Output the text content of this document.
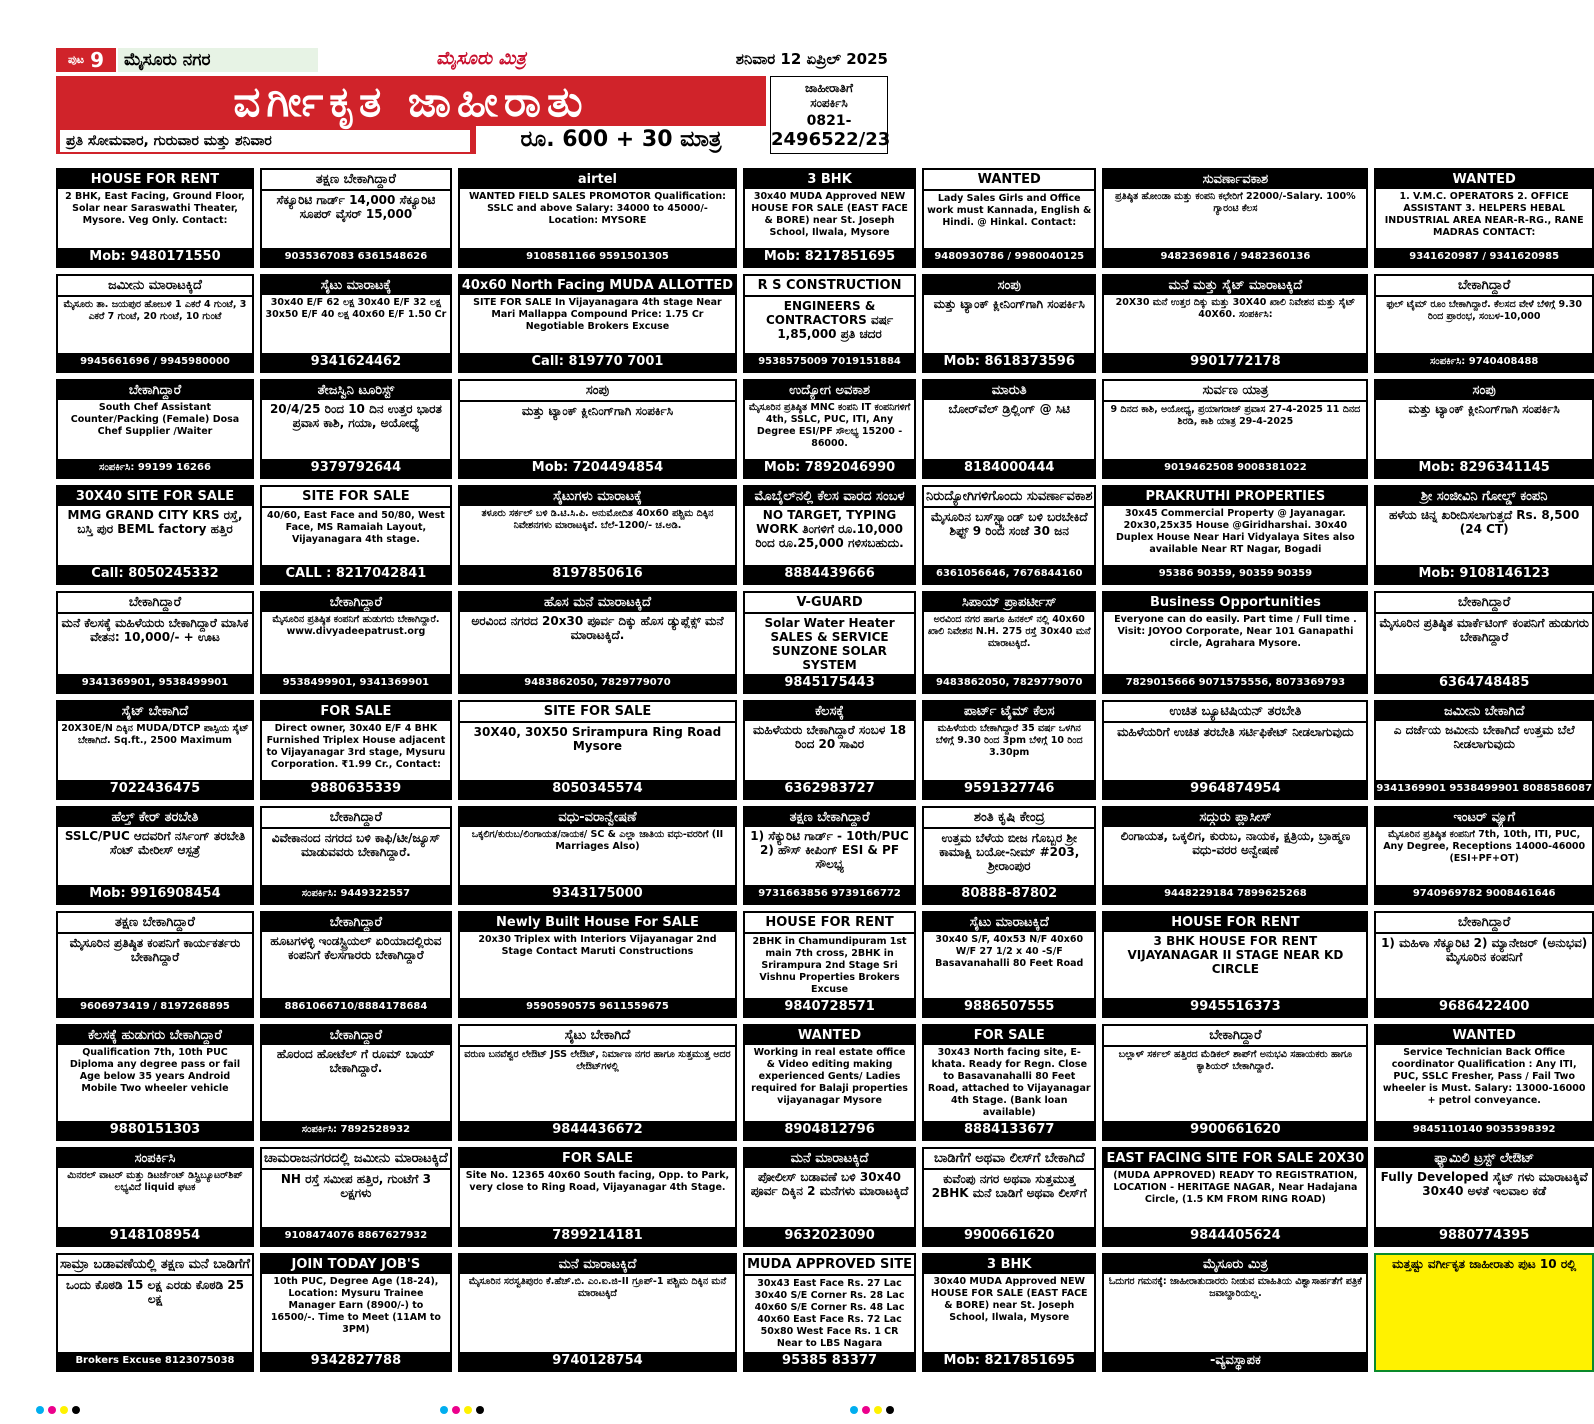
ಪುಟ 9	ಮೈಸೂರು ನಗರ	ಮೈಸೂರು ಮಿತ್ರ	ಶನಿವಾರ 12 ಏಪ್ರಿಲ್ 2025
ವರ್ಗೀಕೃತ ಜಾಹೀರಾತು
ಪ್ರತಿ ಸೋಮವಾರ, ಗುರುವಾರ ಮತ್ತು ಶನಿವಾರ	ರೂ. 600 + 30 ಮಾತ್ರ
ಜಾಹೀರಾತಿಗೆ
ಸಂಪರ್ಕಿಸಿ
0821-
2496522/23
HOUSE FOR RENT
2 BHK, East Facing, Ground Floor, Solar near Saraswathi Theater, Mysore. Veg Only. Contact:
Mob: 9480171550
ತಕ್ಷಣ ಬೇಕಾಗಿದ್ದಾರೆ
ಸೆಕ್ಯೂರಿಟಿ ಗಾರ್ಡ್ 14,000 ಸೆಕ್ಯೂರಿಟಿ ಸೂಪರ್ ವೈಸರ್ 15,000
9035367083 6361548626
airtel
WANTED FIELD SALES PROMOTOR Qualification: SSLC and above Salary: 34000 to 45000/- Location: MYSORE
9108581166 9591501305
3 BHK
30x40 MUDA Approved NEW HOUSE FOR SALE (EAST FACE & BORE) near St. Joseph School, Ilwala, Mysore
Mob: 8217851695
WANTED
Lady Sales Girls and Office work must Kannada, English & Hindi. @ Hinkal. Contact:
9480930786 / 9980040125
ಸುವರ್ಣಾವಕಾಶ
ಪ್ರತಿಷ್ಠಿತ ಹೋಂಡಾ ಮತ್ತು ಕಂಪನಿ ಕಛೇರಿಗೆ 22000/-Salary. 100% ಗ್ಯಾರಂಟಿ ಕೆಲಸ
9482369816 / 9482360136
WANTED
1. V.M.C. OPERATORS 2. OFFICE ASSISTANT 3. HELPERS HEBAL INDUSTRIAL AREA NEAR-R-RG., RANE MADRAS CONTACT:
9341620987 / 9341620985
ಜಮೀನು ಮಾರಾಟಕ್ಕಿದೆ
ಮೈಸೂರು ತಾ. ಜಯಪುರ ಹೋಬಳಿ 1 ಎಕರೆ 4 ಗುಂಟೆ, 3 ಎಕರೆ 7 ಗುಂಟೆ, 20 ಗುಂಟೆ, 10 ಗುಂಟೆ
9945661696 / 9945980000
ಸೈಟು ಮಾರಾಟಕ್ಕೆ
30x40 E/F 62 ಲಕ್ಷ 30x40 E/F 32 ಲಕ್ಷ 30x50 E/F 40 ಲಕ್ಷ 40x60 E/F 1.50 Cr
9341624462
40x60 North Facing MUDA ALLOTTED
SITE FOR SALE In Vijayanagara 4th stage Near Mari Mallappa Compound Price: 1.75 Cr Negotiable Brokers Excuse
Call: 819770 7001
R S CONSTRUCTION
ENGINEERS & CONTRACTORS ವರ್ಷ 1,85,000 ಪ್ರತಿ ಚದರ
9538575009 7019151884
ಸಂಪು
ಮತ್ತು ಟ್ಯಾಂಕ್ ಕ್ಲೀನಿಂಗ್‌ಗಾಗಿ ಸಂಪರ್ಕಿಸಿ
Mob: 8618373596
ಮನೆ ಮತ್ತು ಸೈಟ್ ಮಾರಾಟಕ್ಕಿದೆ
20X30 ಮನೆ ಉತ್ತರ ದಿಕ್ಕು ಮತ್ತು 30X40 ಖಾಲಿ ನಿವೇಶನ ಮತ್ತು ಸೈಟ್ 40X60. ಸಂಪರ್ಕಿಸಿ:
9901772178
ಬೇಕಾಗಿದ್ದಾರೆ
ಫುಲ್ ಟೈಮ್ ರೂಂ ಬೇಕಾಗಿದ್ದಾರೆ. ಕೆಲಸದ ವೇಳೆ ಬೆಳಿಗ್ಗೆ 9.30 ರಿಂದ ಪ್ರಾರಂಭ, ಸಂಬಳ-10,000
ಸಂಪರ್ಕಿಸಿ: 9740408488
ಬೇಕಾಗಿದ್ದಾರೆ
South Chef Assistant Counter/Packing (Female) Dosa Chef Supplier /Waiter
ಸಂಪರ್ಕಿಸಿ: 99199 16266
ತೇಜಸ್ವಿನಿ ಟೂರಿಸ್ಟ್
20/4/25 ರಿಂದ 10 ದಿನ ಉತ್ತರ ಭಾರತ ಪ್ರವಾಸ ಕಾಶಿ, ಗಯಾ, ಅಯೋಧ್ಯೆ
9379792644
ಸಂಪು
ಮತ್ತು ಟ್ಯಾಂಕ್ ಕ್ಲೀನಿಂಗ್‌ಗಾಗಿ ಸಂಪರ್ಕಿಸಿ
Mob: 7204494854
ಉದ್ಯೋಗ ಅವಕಾಶ
ಮೈಸೂರಿನ ಪ್ರತಿಷ್ಠಿತ MNC ಕಂಪನಿ IT ಕಂಪನಿಗಳಿಗೆ 4th, SSLC, PUC, ITI, Any Degree ESI/PF ಸೌಲಭ್ಯ 15200 - 86000.
Mob: 7892046990
ಮಾರುತಿ
ಬೋರ್‌ವೆಲ್ ಡ್ರಿಲ್ಲಿಂಗ್ @ ಸಿಟಿ
8184000444
ಸುರ್ವಣ ಯಾತ್ರ
9 ದಿನದ ಕಾಶಿ, ಅಯೋಧ್ಯ, ಪ್ರಯಾಗರಾಜ್ ಪ್ರವಾಸ 27-4-2025 11 ದಿನದ ಶಿರಡಿ, ಕಾಶಿ ಯಾತ್ರ 29-4-2025
9019462508 9008381022
ಸಂಪು
ಮತ್ತು ಟ್ಯಾಂಕ್ ಕ್ಲೀನಿಂಗ್‌ಗಾಗಿ ಸಂಪರ್ಕಿಸಿ
Mob: 8296341145
30X40 SITE FOR SALE
MMG GRAND CITY KRS ರಸ್ತೆ, ಬಸ್ತಿ ಪುರ BEML factory ಹತ್ತಿರ
Call: 8050245332
SITE FOR SALE
40/60, East Face and 50/80, West Face, MS Ramaiah Layout, Vijayanagara 4th stage.
CALL : 8217042841
ಸೈಟುಗಳು ಮಾರಾಟಕ್ಕೆ
ತಳೂರು ಸರ್ಕಲ್ ಬಳಿ ಡಿ.ಟಿ.ಸಿ.ಪಿ. ಅನುಮೋದಿತ 40x60 ಪಶ್ಚಿಮ ದಿಕ್ಕಿನ ನಿವೇಶನಗಳು ಮಾರಾಟಕ್ಕಿವೆ. ಬೆಲೆ-1200/- ಚ.ಅಡಿ.
8197850616
ಮೊಬೈಲ್‌ನಲ್ಲಿ ಕೆಲಸ ವಾರದ ಸಂಬಳ
NO TARGET, TYPING WORK ತಿಂಗಳಿಗೆ ರೂ.10,000 ರಿಂದ ರೂ.25,000 ಗಳಿಸಬಹುದು.
8884439666
ನಿರುದ್ಯೋಗಿಗಳಿಗೊಂದು ಸುವರ್ಣಾವಕಾಶ
ಮೈಸೂರಿನ ಬಸ್‌ಸ್ಟ್ಯಾಂಡ್ ಬಳಿ ಬರಬೇಕಿದೆ ಶಿಫ್ಟ್ 9 ರಿಂದ ಸಂಜೆ 30 ಜನ
6361056646, 7676844160
PRAKRUTHI PROPERTIES
30x45 Commercial Property @ Jayanagar. 20x30,25x35 House @Giridharshai. 30x40 Duplex House Near Hari Vidyalaya Sites also available Near RT Nagar, Bogadi
95386 90359, 90359 90359
ಶ್ರೀ ಸಂಜೀವಿನಿ ಗೋಲ್ಡ್ ಕಂಪನಿ
ಹಳೆಯ ಚಿನ್ನ ಖರೀದಿಸಲಾಗುತ್ತದೆ Rs. 8,500 (24 CT)
Mob: 9108146123
ಬೇಕಾಗಿದ್ದಾರೆ
ಮನೆ ಕೆಲಸಕ್ಕೆ ಮಹಿಳೆಯರು ಬೇಕಾಗಿದ್ದಾರೆ ಮಾಸಿಕ ವೇತನ: 10,000/- + ಊಟ
9341369901, 9538499901
ಬೇಕಾಗಿದ್ದಾರೆ
ಮೈಸೂರಿನ ಪ್ರತಿಷ್ಠಿತ ಕಂಪನಿಗೆ ಹುಡುಗರು ಬೇಕಾಗಿದ್ದಾರೆ. www.divyadeepatrust.org
9538499901, 9341369901
ಹೊಸ ಮನೆ ಮಾರಾಟಕ್ಕಿದೆ
ಅರವಿಂದ ನಗರದ 20x30 ಪೂರ್ವ ದಿಕ್ಕು ಹೊಸ ಡ್ಯುಪ್ಲೆಕ್ಸ್ ಮನೆ ಮಾರಾಟಕ್ಕಿದೆ.
9483862050, 7829779070
V-GUARD
Solar Water Heater SALES & SERVICE SUNZONE SOLAR SYSTEM
9845175443
ಸಿಪಾಯ್ ಪ್ರಾಪರ್ಟೀಸ್
ಅರವಿಂದ ನಗರ ಹಾಗೂ ಹಿನಕಲ್ ನಲ್ಲಿ 40x60 ಖಾಲಿ ನಿವೇಶನ N.H. 275 ರಸ್ತೆ 30x40 ಮನೆ ಮಾರಾಟಕ್ಕಿದೆ.
9483862050, 7829779070
Business Opportunities
Everyone can do easily. Part time / Full time . Visit: JOYOO Corporate, Near 101 Ganapathi circle, Agrahara Mysore.
7829015666 9071575556, 8073369793
ಬೇಕಾಗಿದ್ದಾರೆ
ಮೈಸೂರಿನ ಪ್ರತಿಷ್ಠಿತ ಮಾರ್ಕೆಟಿಂಗ್ ಕಂಪನಿಗೆ ಹುಡುಗರು ಬೇಕಾಗಿದ್ದಾರೆ
6364748485
ಸೈಟ್ ಬೇಕಾಗಿದೆ
20X30E/N ದಿಕ್ಕಿನ MUDA/DTCP ಪಾಸ್ಪಿಯ ಸೈಟ್ ಬೇಕಾಗಿದೆ. Sq.ft., 2500 Maximum
7022436475
FOR SALE
Direct owner, 30x40 E/F 4 BHK Furnished Triplex House adjacent to Vijayanagar 3rd stage, Mysuru Corporation. ₹1.99 Cr., Contact:
9880635339
SITE FOR SALE
30X40, 30X50 Srirampura Ring Road Mysore
8050345574
ಕೆಲಸಕ್ಕೆ
ಮಹಿಳೆಯರು ಬೇಕಾಗಿದ್ದಾರೆ ಸಂಬಳ 18 ರಿಂದ 20 ಸಾವಿರ
6362983727
ಪಾರ್ಟ್ ಟೈಮ್ ಕೆಲಸ
ಮಹಿಳೆಯರು ಬೇಕಾಗಿದ್ದಾರೆ 35 ವರ್ಷ ಒಳಗಿನ ಬೆಳಿಗ್ಗೆ 9.30 ರಿಂದ 3pm ಬೆಳಿಗ್ಗೆ 10 ರಿಂದ 3.30pm
9591327746
ಉಚಿತ ಬ್ಯೂಟಿಷಿಯನ್ ತರಬೇತಿ
ಮಹಿಳೆಯರಿಗೆ ಉಚಿತ ತರಬೇತಿ ಸರ್ಟಿಫಿಕೇಟ್ ನೀಡಲಾಗುವುದು
9964874954
ಜಮೀನು ಬೇಕಾಗಿದೆ
ಎ ದರ್ಜೆಯ ಜಮೀನು ಬೇಕಾಗಿದೆ ಉತ್ತಮ ಬೆಲೆ ನೀಡಲಾಗುವುದು
9341369901 9538499901 8088586087
ಹೆಲ್ತ್ ಕೇರ್ ತರಬೇತಿ
SSLC/PUC ಆದವರಿಗೆ ನರ್ಸಿಂಗ್ ತರಬೇತಿ ಸೆಂಟ್ ಮೇರೀಸ್ ಆಸ್ಪತ್ರೆ
Mob: 9916908454
ಬೇಕಾಗಿದ್ದಾರೆ
ವಿವೇಕಾನಂದ ನಗರದ ಬಳಿ ಕಾಫಿ/ಟೀ/ಜ್ಯೂಸ್ ಮಾಡುವವರು ಬೇಕಾಗಿದ್ದಾರೆ.
ಸಂಪರ್ಕಿಸಿ: 9449322557
ವಧು-ವರಾನ್ವೇಷಣೆ
ಒಕ್ಕಲಿಗ/ಕುರುಬ/ಲಿಂಗಾಯತ/ನಾಯಕ/ SC & ಎಲ್ಲಾ ಜಾತಿಯ ವಧು-ವರರಿಗೆ (II Marriages Also)
9343175000
ತಕ್ಷಣ ಬೇಕಾಗಿದ್ದಾರೆ
1) ಸೆಕ್ಯುರಿಟಿ ಗಾರ್ಡ್ - 10th/PUC 2) ಹೌಸ್ ಕೀಪಿಂಗ್ ESI & PF ಸೌಲಭ್ಯ
9731663856 9739166772
ಶಂತಿ ಕೃಷಿ ಕೇಂದ್ರ
ಉತ್ತಮ ಬೆಳೆಯ ಬೀಜ ಗೊಬ್ಬರ ಶ್ರೀ ಕಾಮಾಕ್ಷಿ ಬಯೋ-ನೀಮ್ #203, ಶ್ರೀರಾಂಪುರ
80888-87802
ಸದ್ಗುರು ಪ್ಲಾಸೀಸ್
ಲಿಂಗಾಯತ, ಒಕ್ಕಲಿಗ, ಕುರುಬ, ನಾಯಕ, ಕ್ಷತ್ರಿಯ, ಬ್ರಾಹ್ಮಣ ವಧು-ವರರ ಅನ್ವೇಷಣೆ
9448229184 7899625268
ಇಂಟರ್ ವ್ಯೂಗೆ
ಮೈಸೂರಿನ ಪ್ರತಿಷ್ಠಿತ ಕಂಪನಿಗೆ 7th, 10th, ITI, PUC, Any Degree, Receptions 14000-46000 (ESI+PF+OT)
9740969782 9008461646
ತಕ್ಷಣ ಬೇಕಾಗಿದ್ದಾರೆ
ಮೈಸೂರಿನ ಪ್ರತಿಷ್ಠಿತ ಕಂಪನಿಗೆ ಕಾರ್ಯಕರ್ತರು ಬೇಕಾಗಿದ್ದಾರೆ
9606973419 / 8197268895
ಬೇಕಾಗಿದ್ದಾರೆ
ಹೂಟಗಳಳ್ಳಿ ಇಂಡಸ್ಟ್ರಿಯಲ್ ಏರಿಯಾದಲ್ಲಿರುವ ಕಂಪನಿಗೆ ಕೆಲಸಗಾರರು ಬೇಕಾಗಿದ್ದಾರೆ
8861066710/8884178684
Newly Built House For SALE
20x30 Triplex with Interiors Vijayanagar 2nd Stage Contact Maruti Constructions
9590590575 9611559675
HOUSE FOR RENT
2BHK in Chamundipuram 1st main 7th cross, 2BHK in Srirampura 2nd Stage Sri Vishnu Properties Brokers Excuse
9840728571
ಸೈಟು ಮಾರಾಟಕ್ಕಿದೆ
30x40 S/F, 40x53 N/F 40x60 W/F 27 1/2 x 40 -S/F Basavanahalli 80 Feet Road
9886507555
HOUSE FOR RENT
3 BHK HOUSE FOR RENT VIJAYANAGAR II STAGE NEAR KD CIRCLE
9945516373
ಬೇಕಾಗಿದ್ದಾರೆ
1) ಮಹಿಳಾ ಸೆಕ್ಯೂರಿಟಿ 2) ಮ್ಯಾನೇಜರ್ (ಅನುಭವ) ಮೈಸೂರಿನ ಕಂಪನಿಗೆ
9686422400
ಕೆಲಸಕ್ಕೆ ಹುಡುಗರು ಬೇಕಾಗಿದ್ದಾರೆ
Qualification 7th, 10th PUC Diploma any degree pass or fail Age below 35 years Android Mobile Two wheeler vehicle
9880151303
ಬೇಕಾಗಿದ್ದಾರೆ
ಹೊರಂದ ಹೋಟೆಲ್ ಗೆ ರೂಮ್ ಬಾಯ್ ಬೇಕಾಗಿದ್ದಾರೆ.
ಸಂಪರ್ಕಿಸಿ: 7892528932
ಸೈಟು ಬೇಕಾಗಿದೆ
ವರುಣ ಬನವೆಶ್ವರ ಲೇಔಟ್ JSS ಲೇಔಟ್, ನಿರ್ಮಾಣ ನಗರ ಹಾಗೂ ಸುತ್ತಮುತ್ತ ಅದರ ಲೇಔಟ್‌ಗಳಲ್ಲಿ
9844436672
WANTED
Working in real estate office & Video editing making experienced Gents/ Ladies required for Balaji properties vijayanagar Mysore
8904812796
FOR SALE
30x43 North facing site, E-khata. Ready for Regn. Close to Basavanahalli 80 Feet Road, attached to Vijayanagar 4th Stage. (Bank loan available)
8884133677
ಬೇಕಾಗಿದ್ದಾರೆ
ಬಲ್ಲಾಳ್ ಸರ್ಕಲ್ ಹತ್ತಿರದ ಮೆಡಿಕಲ್ ಶಾಪ್‌ಗೆ ಅನುಭವಿ ಸಹಾಯಕರು ಹಾಗೂ ಕ್ಯಾಶಿಯರ್ ಬೇಕಾಗಿದ್ದಾರೆ.
9900661620
WANTED
Service Technician Back Office coordinator Qualification : Any ITI, PUC, SSLC Fresher, Pass / Fail Two wheeler is Must. Salary: 13000-16000 + petrol conveyance.
9845110140 9035398392
ಸಂಪರ್ಕಿಸಿ
ಮಿನರಲ್ ವಾಟರ್ ಮತ್ತು ಡಿಟರ್ಜೆಂಟ್ ಡಿಸ್ಟ್ರಿಬ್ಯೂಟರ್‌ಶಿಪ್ ಲಭ್ಯವಿದೆ liquid ಘಟಕ
9148108954
ಚಾಮರಾಜನಗರದಲ್ಲಿ ಜಮೀನು ಮಾರಾಟಕ್ಕಿದೆ
NH ರಸ್ತೆ ಸಮೀಪ ಹತ್ತಿರ, ಗುಂಟೆಗೆ 3 ಲಕ್ಷಗಳು
9108474076 8867627932
FOR SALE
Site No. 12365 40x60 South facing, Opp. to Park, very close to Ring Road, Vijayanagar 4th Stage.
7899214181
ಮನೆ ಮಾರಾಟಕ್ಕಿದೆ
ಪೋಲೀಸ್ ಬಡಾವಣೆ ಬಳಿ 30x40 ಪೂರ್ವ ದಿಕ್ಕಿನ 2 ಮನೆಗಳು ಮಾರಾಟಕ್ಕಿದೆ
9632023090
ಬಾಡಿಗೆಗೆ ಅಥವಾ ಲೀಸ್‌ಗೆ ಬೇಕಾಗಿದೆ
ಕುವೆಂಪು ನಗರ ಅಥವಾ ಸುತ್ತಮುತ್ತ 2BHK ಮನೆ ಬಾಡಿಗೆ ಅಥವಾ ಲೀಸ್‌ಗೆ
9900661620
EAST FACING SITE FOR SALE 20X30
(MUDA APPROVED) READY TO REGISTRATION, LOCATION - HERITAGE NAGAR, Near Hadajana Circle, (1.5 KM FROM RING ROAD)
9844405624
ಫ್ಯಾಮಿಲಿ ಟ್ರಸ್ಟ್ ಲೇಔಟ್
Fully Developed ಸೈಟ್ ಗಳು ಮಾರಾಟಕ್ಕಿವೆ 30x40 ಅಳತೆ ಇಲವಾಲ ಕಡೆ
9880774395
ಸಾಮ್ರಾ ಬಡಾವಣೆಯಲ್ಲಿ ತಕ್ಷಣ ಮನೆ ಬಾಡಿಗೆಗೆ
ಒಂದು ಕೊಠಡಿ 15 ಲಕ್ಷ ಎರಡು ಕೊಠಡಿ 25 ಲಕ್ಷ
Brokers Excuse 8123075038
JOIN TODAY JOB'S
10th PUC, Degree Age (18-24), Location: Mysuru Trainee Manager Earn (8900/-) to 16500/-. Time to Meet (11AM to 3PM)
9342827788
ಮನೆ ಮಾರಾಟಕ್ಕಿದೆ
ಮೈಸೂರಿನ ಸರಸ್ವತಿಪುರಂ ಕೆ.ಹೆಚ್.ಬಿ. ಎಂ.ಐ.ಜಿ-II ಗ್ರೂಪ್-1 ಪಶ್ಚಿಮ ದಿಕ್ಕಿನ ಮನೆ ಮಾರಾಟಕ್ಕಿದೆ
9740128754
MUDA APPROVED SITE
30x43 East Face Rs. 27 Lac 30x40 S/E Corner Rs. 28 Lac 40x60 S/E Corner Rs. 48 Lac 40x60 East Face Rs. 72 Lac 50x80 West Face Rs. 1 CR Near to LBS Nagara
95385 83377
3 BHK
30x40 MUDA Approved NEW HOUSE FOR SALE (EAST FACE & BORE) near St. Joseph School, Ilwala, Mysore
Mob: 8217851695
ಮೈಸೂರು ಮಿತ್ರ
ಓದುಗರ ಗಮನಕ್ಕೆ: ಜಾಹೀರಾತುದಾರರು ನೀಡುವ ಮಾಹಿತಿಯ ವಿಶ್ವಾಸಾರ್ಹತೆಗೆ ಪತ್ರಿಕೆ ಜವಾಬ್ದಾರಿಯಲ್ಲ.
-ವ್ಯವಸ್ಥಾಪಕ
ಮತ್ತಷ್ಟು ವರ್ಗೀಕೃತ ಜಾಹೀರಾತು ಪುಟ 10 ರಲ್ಲಿ
